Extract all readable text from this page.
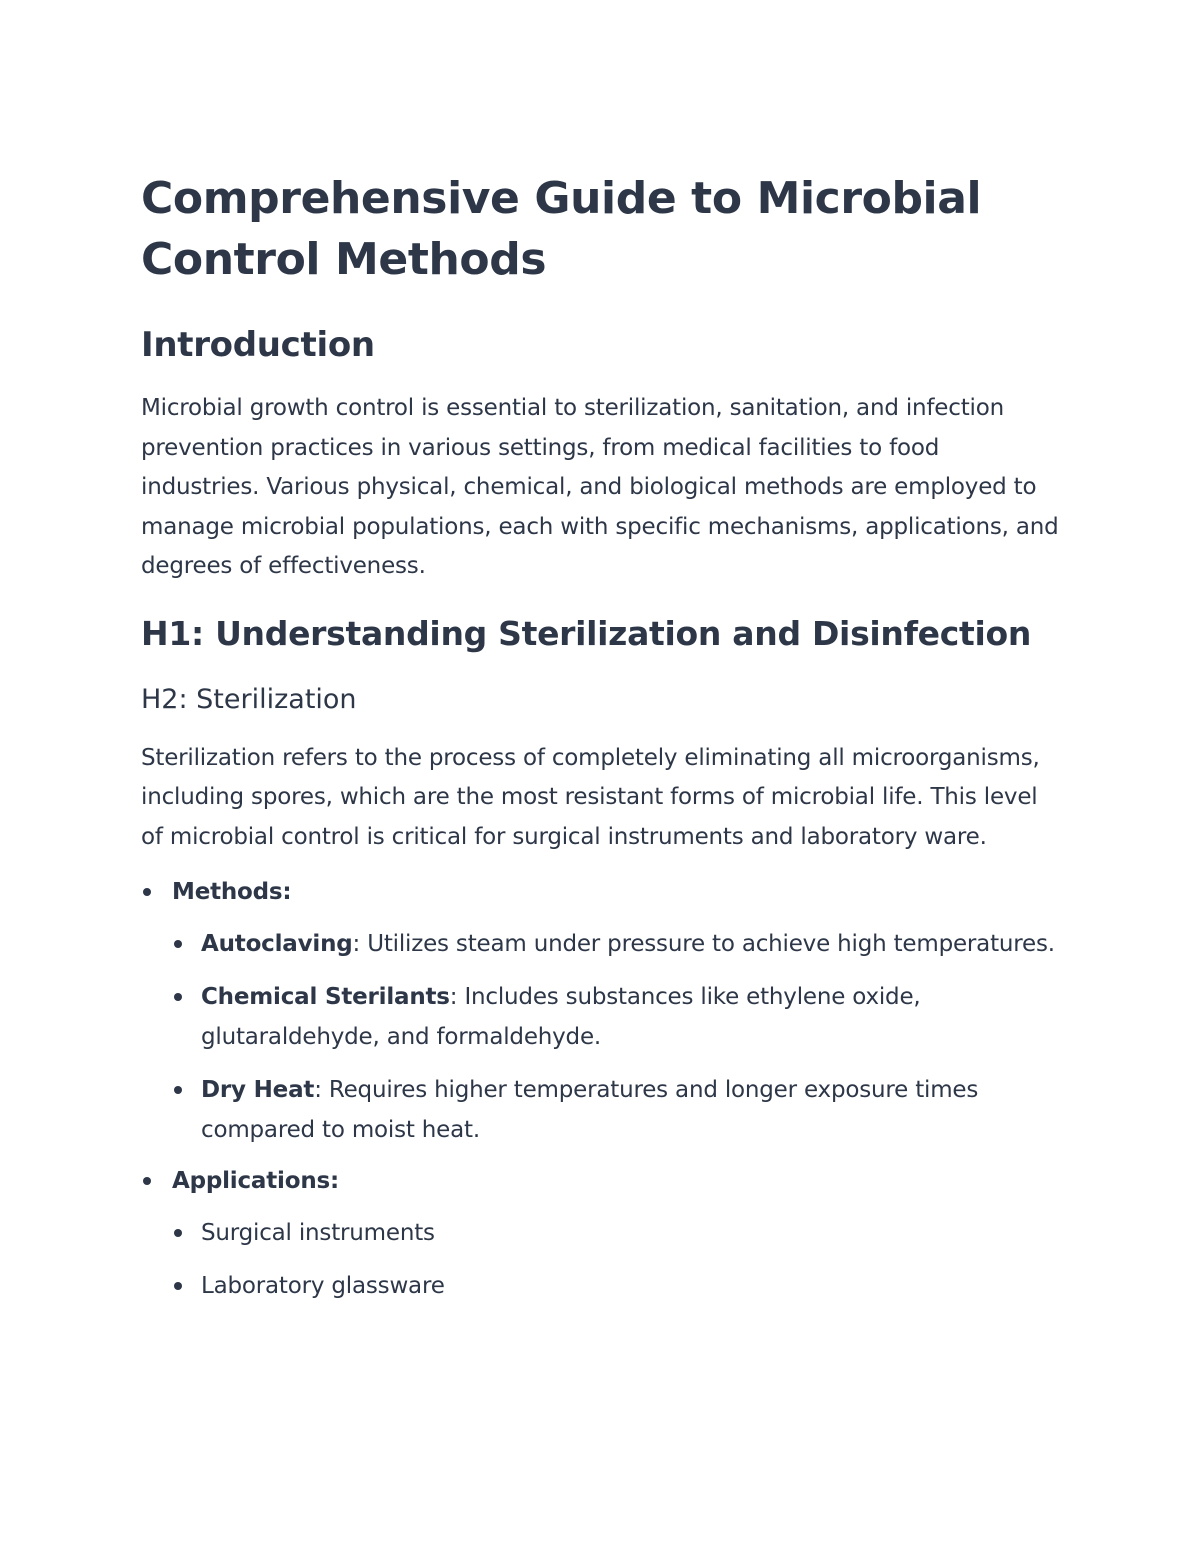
Comprehensive Guide to Microbial Control Methods
Introduction

Microbial growth control is essential to sterilization, sanitation, and infection prevention practices in various settings, from medical facilities to food industries. Various physical, chemical, and biological methods are employed to manage microbial populations, each with specific mechanisms, applications, and degrees of effectiveness.

H1: Understanding Sterilization and Disinfection
H2: Sterilization

Sterilization refers to the process of completely eliminating all microorganisms, including spores, which are the most resistant forms of microbial life. This level of microbial control is critical for surgical instruments and laboratory ware.

Methods:
Autoclaving: Utilizes steam under pressure to achieve high temperatures.
Chemical Sterilants: Includes substances like ethylene oxide, glutaraldehyde, and formaldehyde.
Dry Heat: Requires higher temperatures and longer exposure times compared to moist heat.
Applications:
Surgical instruments
Laboratory glassware
